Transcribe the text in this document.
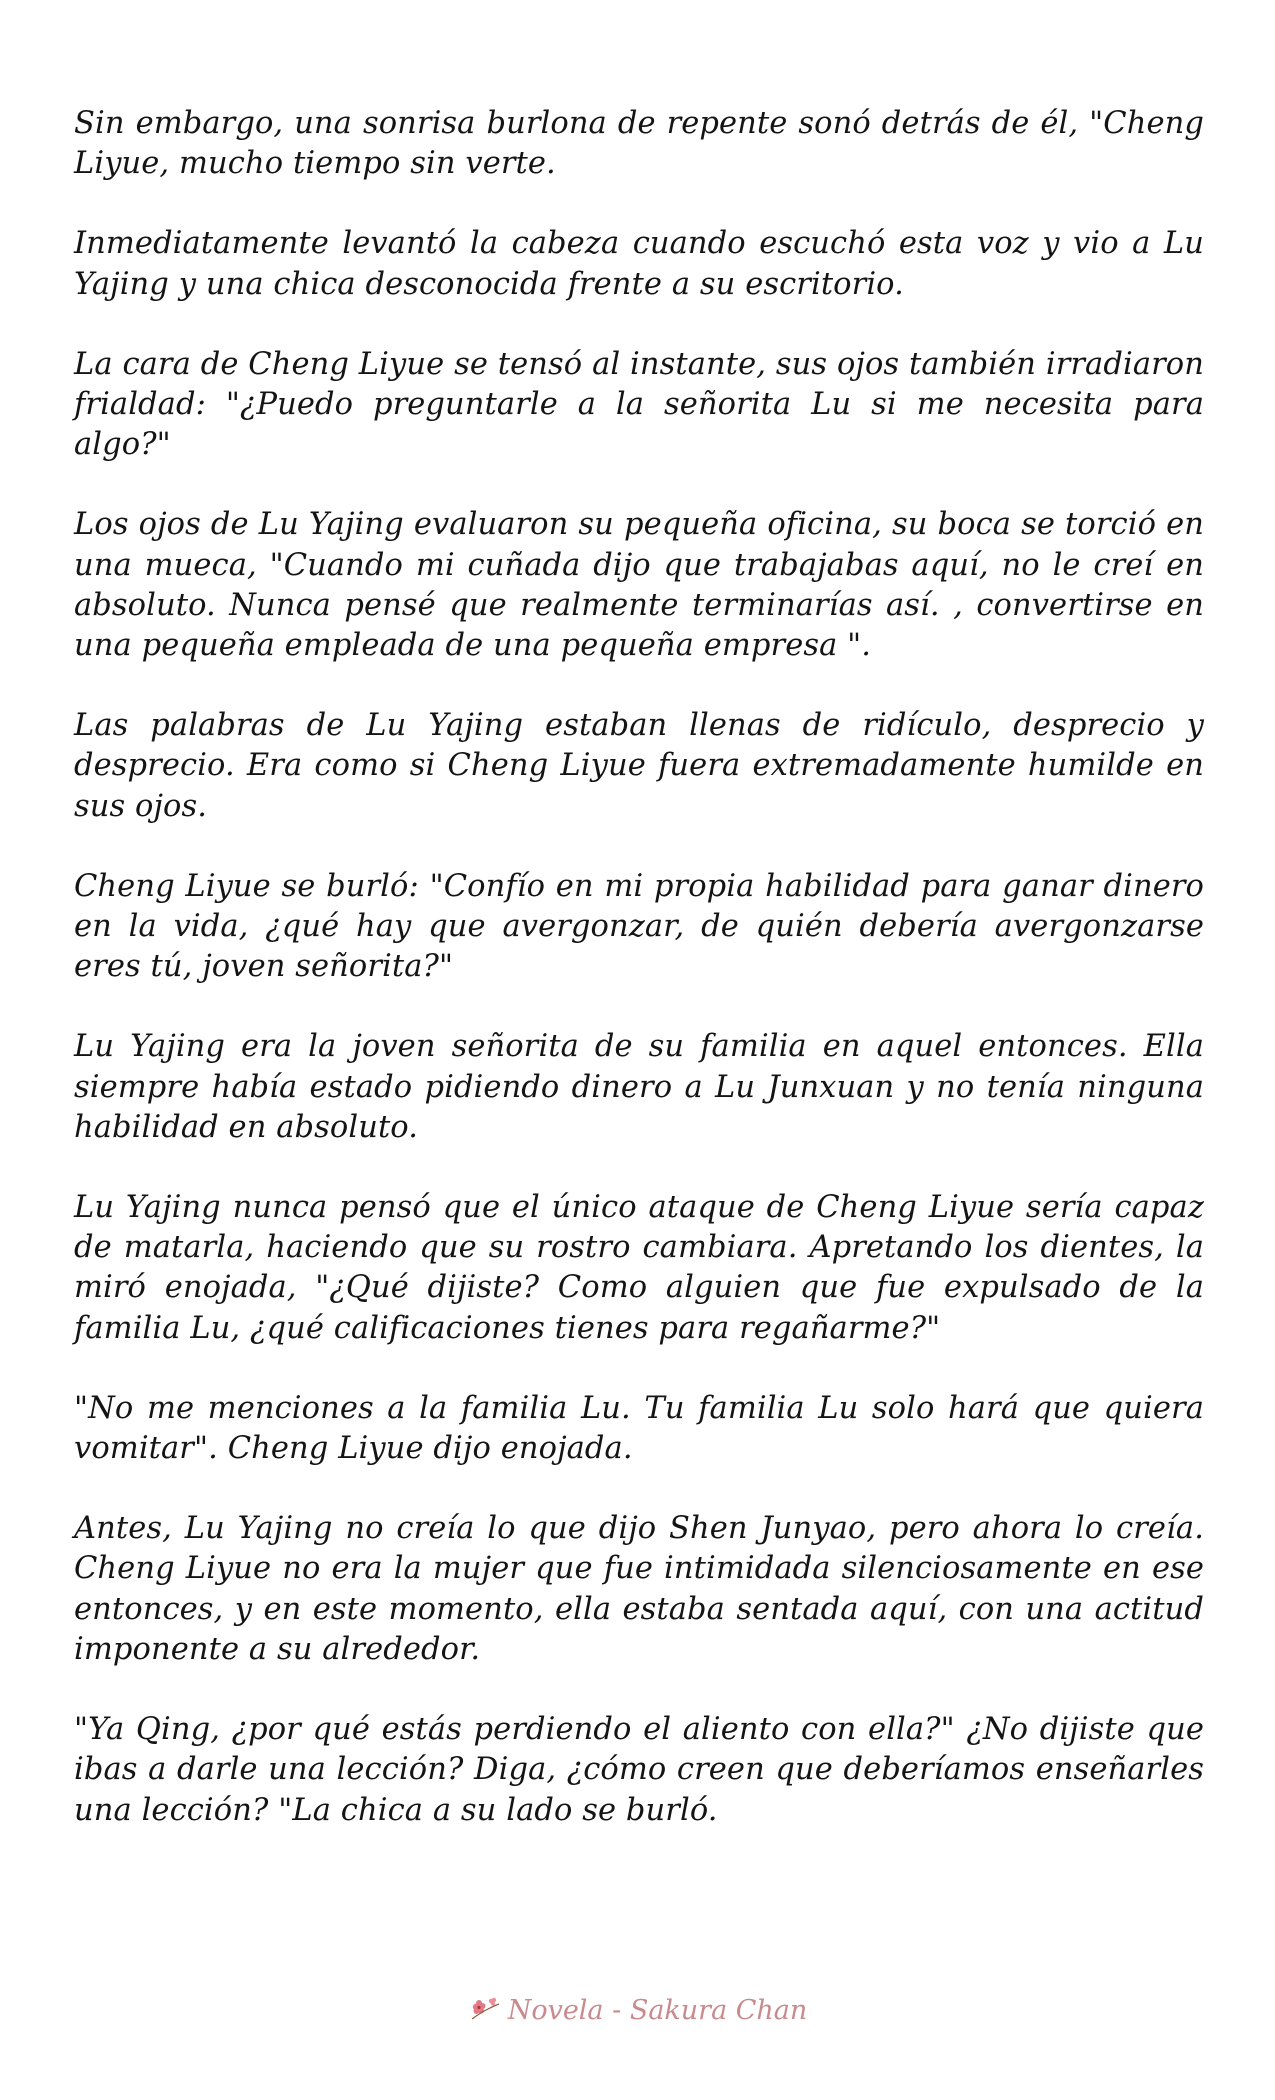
Sin embargo, una sonrisa burlona de repente sonó detrás de él, "Cheng Liyue, mucho tiempo sin verte.

Inmediatamente levantó la cabeza cuando escuchó esta voz y vio a Lu Yajing y una chica desconocida frente a su escritorio.

La cara de Cheng Liyue se tensó al instante, sus ojos también irradiaron frialdad: "¿Puedo preguntarle a la señorita Lu si me necesita para algo?"

Los ojos de Lu Yajing evaluaron su pequeña oficina, su boca se torció en una mueca, "Cuando mi cuñada dijo que trabajabas aquí, no le creí en absoluto. Nunca pensé que realmente terminarías así. , convertirse en una pequeña empleada de una pequeña empresa ".

Las palabras de Lu Yajing estaban llenas de ridículo, desprecio y desprecio. Era como si Cheng Liyue fuera extremadamente humilde en sus ojos.

Cheng Liyue se burló: "Confío en mi propia habilidad para ganar dinero en la vida, ¿qué hay que avergonzar, de quién debería avergonzarse eres tú, joven señorita?"

Lu Yajing era la joven señorita de su familia en aquel entonces. Ella siempre había estado pidiendo dinero a Lu Junxuan y no tenía ninguna habilidad en absoluto.

Lu Yajing nunca pensó que el único ataque de Cheng Liyue sería capaz de matarla, haciendo que su rostro cambiara. Apretando los dientes, la miró enojada, "¿Qué dijiste? Como alguien que fue expulsado de la familia Lu, ¿qué calificaciones tienes para regañarme?"

"No me menciones a la familia Lu. Tu familia Lu solo hará que quiera vomitar". Cheng Liyue dijo enojada.

Antes, Lu Yajing no creía lo que dijo Shen Junyao, pero ahora lo creía. Cheng Liyue no era la mujer que fue intimidada silenciosamente en ese entonces, y en este momento, ella estaba sentada aquí, con una actitud imponente a su alrededor.

"Ya Qing, ¿por qué estás perdiendo el aliento con ella?" ¿No dijiste que ibas a darle una lección? Diga, ¿cómo creen que deberíamos enseñarles una lección? "La chica a su lado se burló.

Novela - Sakura Chan
